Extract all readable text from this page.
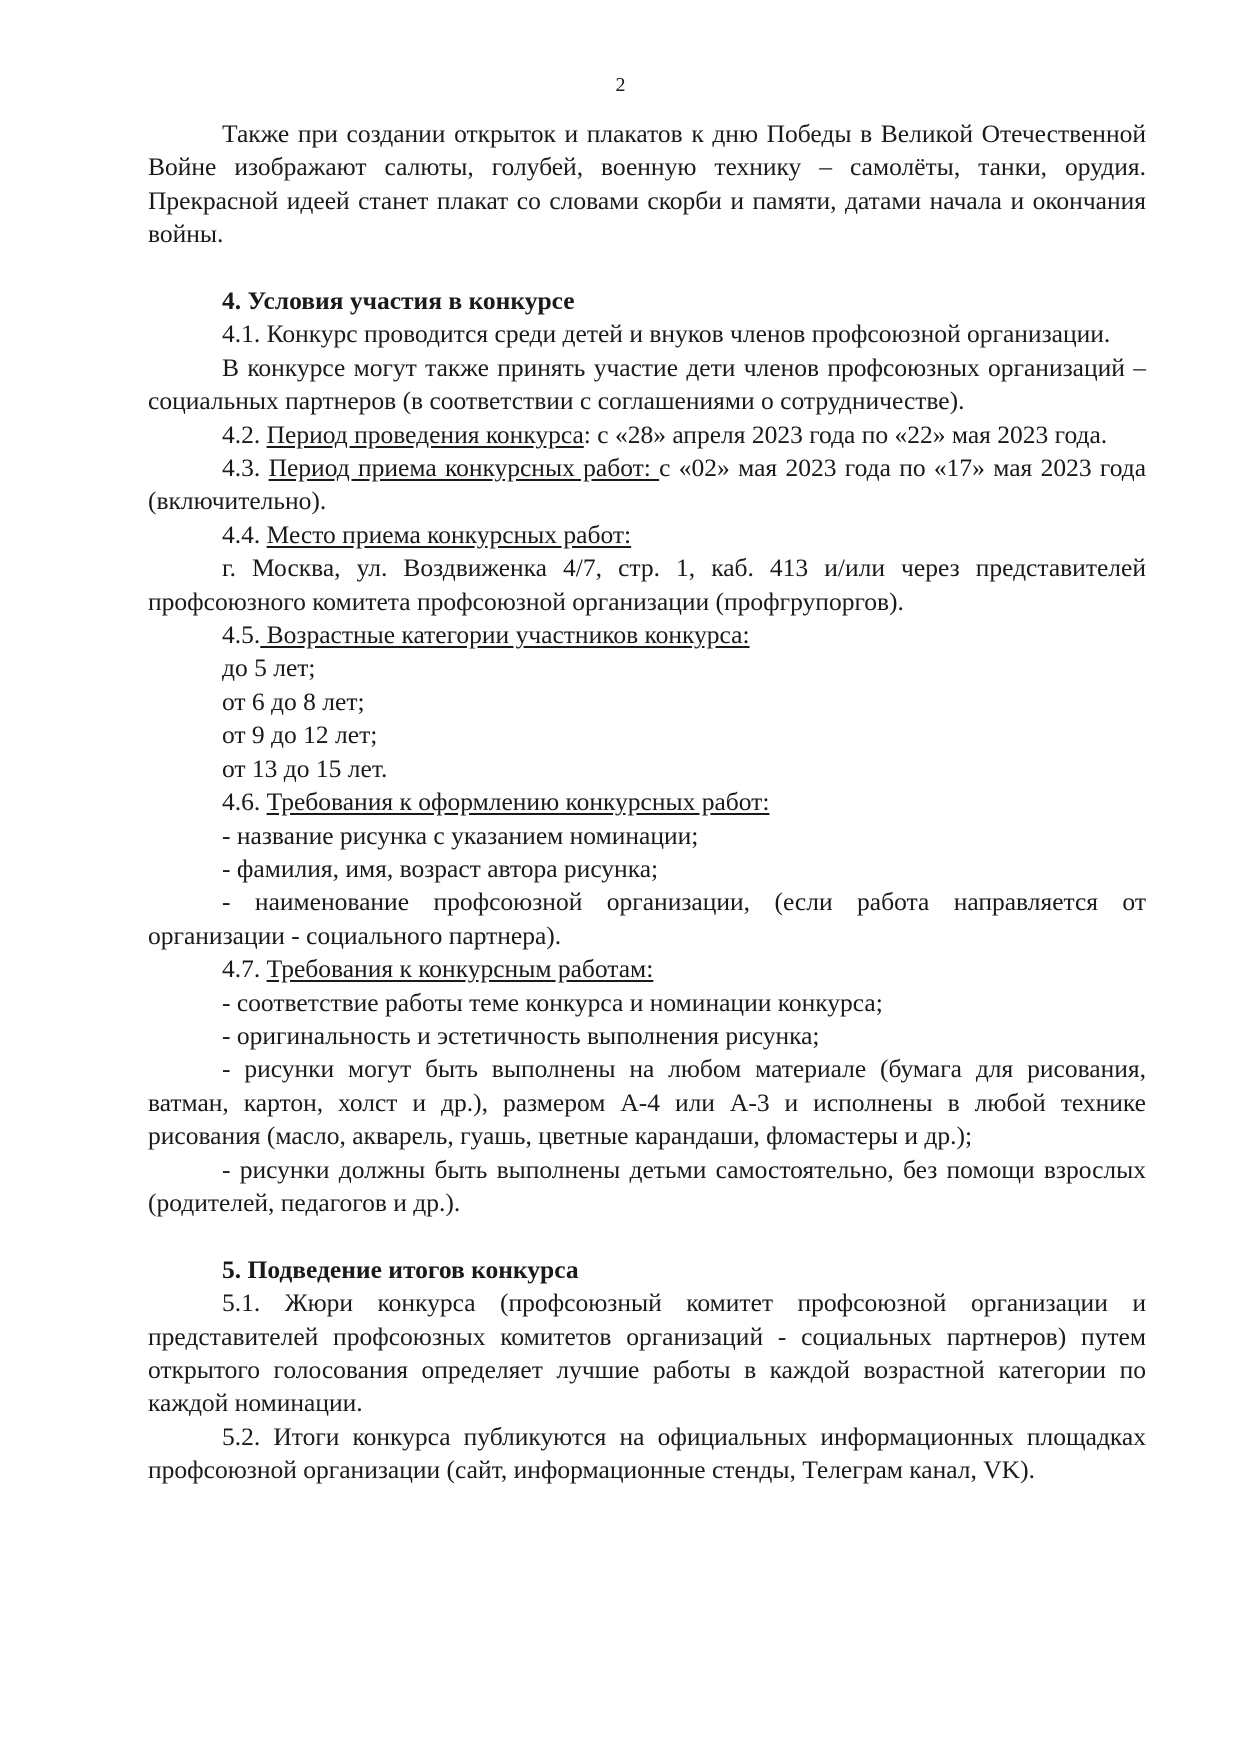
2

Также при создании открыток и плакатов к дню Победы в Великой Отечественной Войне изображают салюты, голубей, военную технику – самолёты, танки, орудия. Прекрасной идеей станет плакат со словами скорби и памяти, датами начала и окончания войны.

4. Условия участия в конкурсе

4.1. Конкурс проводится среди детей и внуков членов профсоюзной организации.

В конкурсе могут также принять участие дети членов профсоюзных организаций – социальных партнеров (в соответствии с соглашениями о сотрудничестве).

4.2. Период проведения конкурса: с «28» апреля 2023 года по «22» мая 2023 года.

4.3. Период приема конкурсных работ: с «02» мая 2023 года по «17» мая 2023 года (включительно).

4.4. Место приема конкурсных работ:

г. Москва, ул. Воздвиженка 4/7, стр. 1, каб. 413 и/или через представителей профсоюзного комитета профсоюзной организации (профгрупоргов).

4.5. Возрастные категории участников конкурса:

до 5 лет;

от 6 до 8 лет;

от 9 до 12 лет;

от 13 до 15 лет.

4.6. Требования к оформлению конкурсных работ:

- название рисунка с указанием номинации;

- фамилия, имя, возраст автора рисунка;

- наименование профсоюзной организации, (если работа направляется от организации - социального партнера).

4.7. Требования к конкурсным работам:

- соответствие работы теме конкурса и номинации конкурса;

- оригинальность и эстетичность выполнения рисунка;

- рисунки могут быть выполнены на любом материале (бумага для рисования, ватман, картон, холст и др.), размером А-4 или А-3 и исполнены в любой технике рисования (масло, акварель, гуашь, цветные карандаши, фломастеры и др.);

- рисунки должны быть выполнены детьми самостоятельно, без помощи взрослых (родителей, педагогов и др.).

5. Подведение итогов конкурса

5.1. Жюри конкурса (профсоюзный комитет профсоюзной организации и представителей профсоюзных комитетов организаций - социальных партнеров) путем открытого голосования определяет лучшие работы в каждой возрастной категории по каждой номинации.

5.2. Итоги конкурса публикуются на официальных информационных площадках профсоюзной организации (сайт, информационные стенды, Телеграм канал, VK).
